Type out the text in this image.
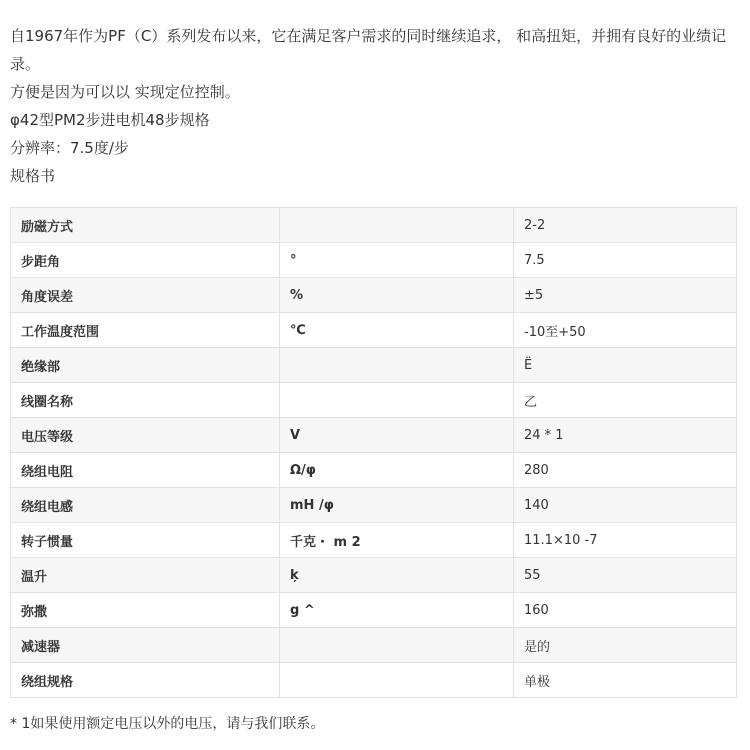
自1967年作为PF（C）系列发布以来，它在满足客户需求的同时继续追求， 和高扭矩，并拥有良好的业绩记录。

方便是因为可以以 实现定位控制。

φ42型PM2步进电机48步规格

分辨率：7.5度/步

规格书

励磁方式		2-2
步距角	°	7.5
角度误差	%	±5
工作温度范围	℃	-10至+50
绝缘部		Ë
线圈名称		乙
电压等级	V	24 * 1
绕组电阻	Ω/φ	280
绕组电感	mH /φ	140
转子惯量	千克・ m 2	11.1×10 -7
温升	ķ	55
弥撒	g ^	160
减速器		是的
绕组规格		单极

* 1如果使用额定电压以外的电压，请与我们联系。
